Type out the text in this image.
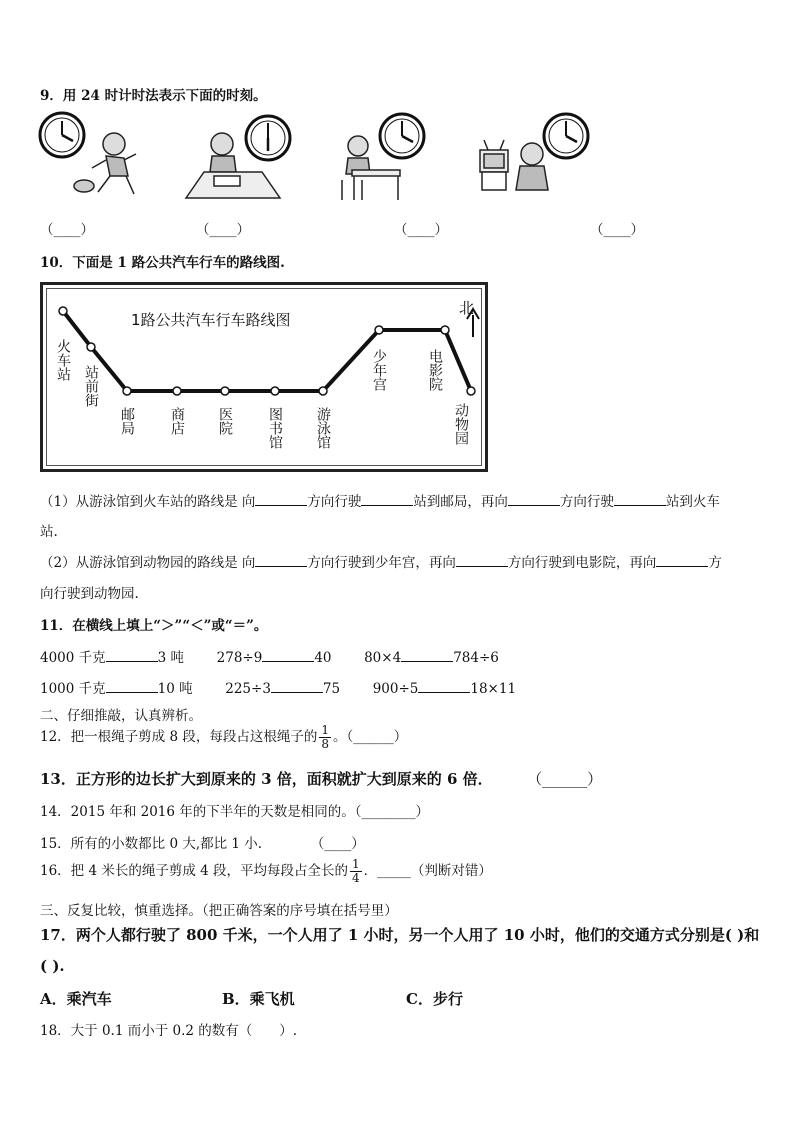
9．用 24 时计时法表示下面的时刻。
（____）	（____）	（____）	（____）
10．下面是 1 路公共汽车行车的路线图.
1路公共汽车行车路线图
北
火车站
站前街
邮局 商店 医院 图书馆 游泳馆
少年宫	电影院
动物园
（1）从游泳馆到火车站的路线是 向	方向行驶	站到邮局，再向	方向行驶	站到火车
站.
（2）从游泳馆到动物园的路线是 向	方向行驶到少年宫，再向	方向行驶到电影院，再向	方
向行驶到动物园.
11．在横线上填上“＞”“＜”或“＝”。
4000 千克	3 吨 278÷9	40 80×4	784÷6
1000 千克	10 吨 225÷3	75 900÷5	18×11
二、仔细推敲，认真辨析。
12．把一根绳子剪成 8 段，每段占这根绳子的 $\frac{1}{8}$ 。（______）
13．正方形的边长扩大到原来的 3 倍，面积就扩大到原来的 6 倍． （______）
14．2015 年和 2016 年的下半年的天数是相同的。（________）
15．所有的小数都比 0 大,都比 1 小.	（____）
16．把 4 米长的绳子剪成 4 段，平均每段占全长的 $\frac{1}{4}$ ．_____（判断对错）
三、反复比较，慎重选择。（把正确答案的序号填在括号里）
17．两个人都行驶了 800 千米，一个人用了 1 小时，另一个人用了 10 小时，他们的交通方式分别是( )和
( ).
A．乘汽车	B．乘飞机	C．步行
18．大于 0.1 而小于 0.2 的数有（　　）.
